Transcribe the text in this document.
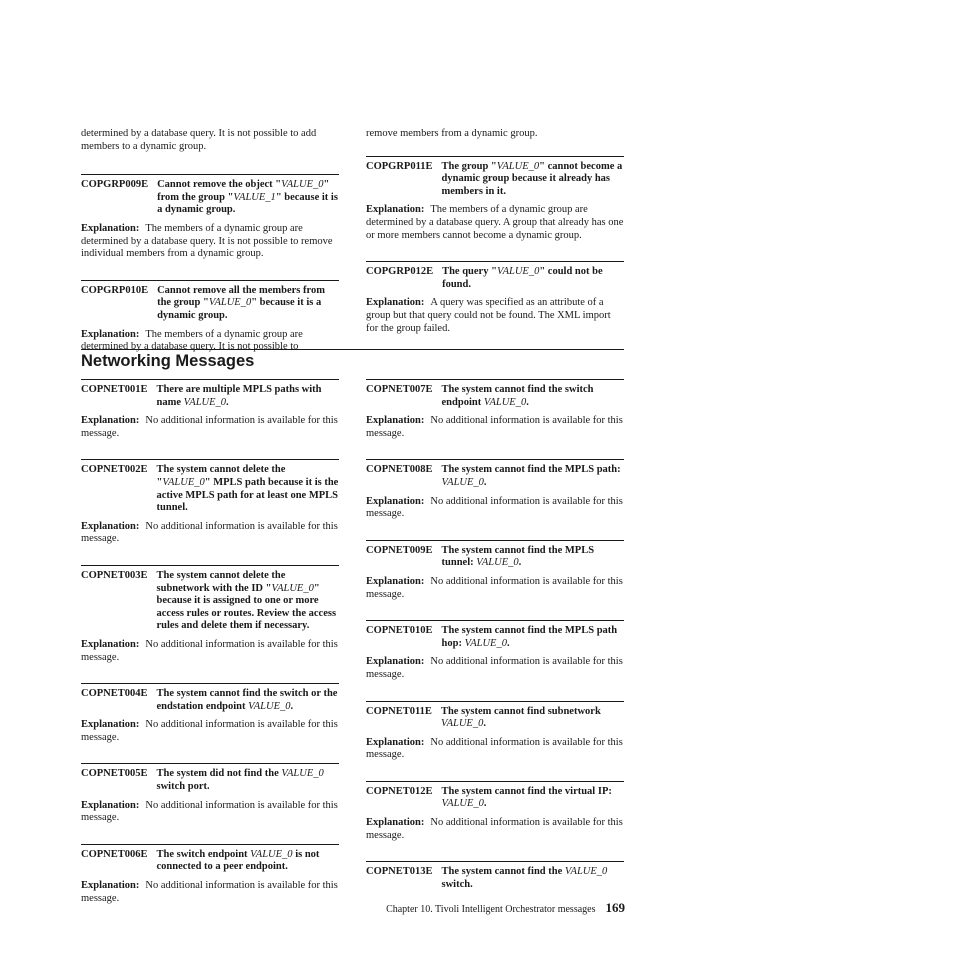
determined by a database query. It is not possible to add members to a dynamic group.

COPGRP009E Cannot remove the object "VALUE_0" from the group "VALUE_1" because it is a dynamic group.

Explanation: The members of a dynamic group are determined by a database query. It is not possible to remove individual members from a dynamic group.

COPGRP010E Cannot remove all the members from the group "VALUE_0" because it is a dynamic group.

Explanation: The members of a dynamic group are determined by a database query. It is not possible to

remove members from a dynamic group.

COPGRP011E The group "VALUE_0" cannot become a dynamic group because it already has members in it.

Explanation: The members of a dynamic group are determined by a database query. A group that already has one or more members cannot become a dynamic group.

COPGRP012E The query "VALUE_0" could not be found.

Explanation: A query was specified as an attribute of a group but that query could not be found. The XML import for the group failed.

Networking Messages
COPNET001E There are multiple MPLS paths with name VALUE_0.

Explanation: No additional information is available for this message.

COPNET002E The system cannot delete the "VALUE_0" MPLS path because it is the active MPLS path for at least one MPLS tunnel.

Explanation: No additional information is available for this message.

COPNET003E The system cannot delete the subnetwork with the ID "VALUE_0" because it is assigned to one or more access rules or routes. Review the access rules and delete them if necessary.

Explanation: No additional information is available for this message.

COPNET004E The system cannot find the switch or the endstation endpoint VALUE_0.

Explanation: No additional information is available for this message.

COPNET005E The system did not find the VALUE_0 switch port.

Explanation: No additional information is available for this message.

COPNET006E The switch endpoint VALUE_0 is not connected to a peer endpoint.

Explanation: No additional information is available for this message.

COPNET007E The system cannot find the switch endpoint VALUE_0.

Explanation: No additional information is available for this message.

COPNET008E The system cannot find the MPLS path: VALUE_0.

Explanation: No additional information is available for this message.

COPNET009E The system cannot find the MPLS tunnel: VALUE_0.

Explanation: No additional information is available for this message.

COPNET010E The system cannot find the MPLS path hop: VALUE_0.

Explanation: No additional information is available for this message.

COPNET011E The system cannot find subnetwork VALUE_0.

Explanation: No additional information is available for this message.

COPNET012E The system cannot find the virtual IP: VALUE_0.

Explanation: No additional information is available for this message.

COPNET013E The system cannot find the VALUE_0 switch.
Chapter 10. Tivoli Intelligent Orchestrator messages 169
